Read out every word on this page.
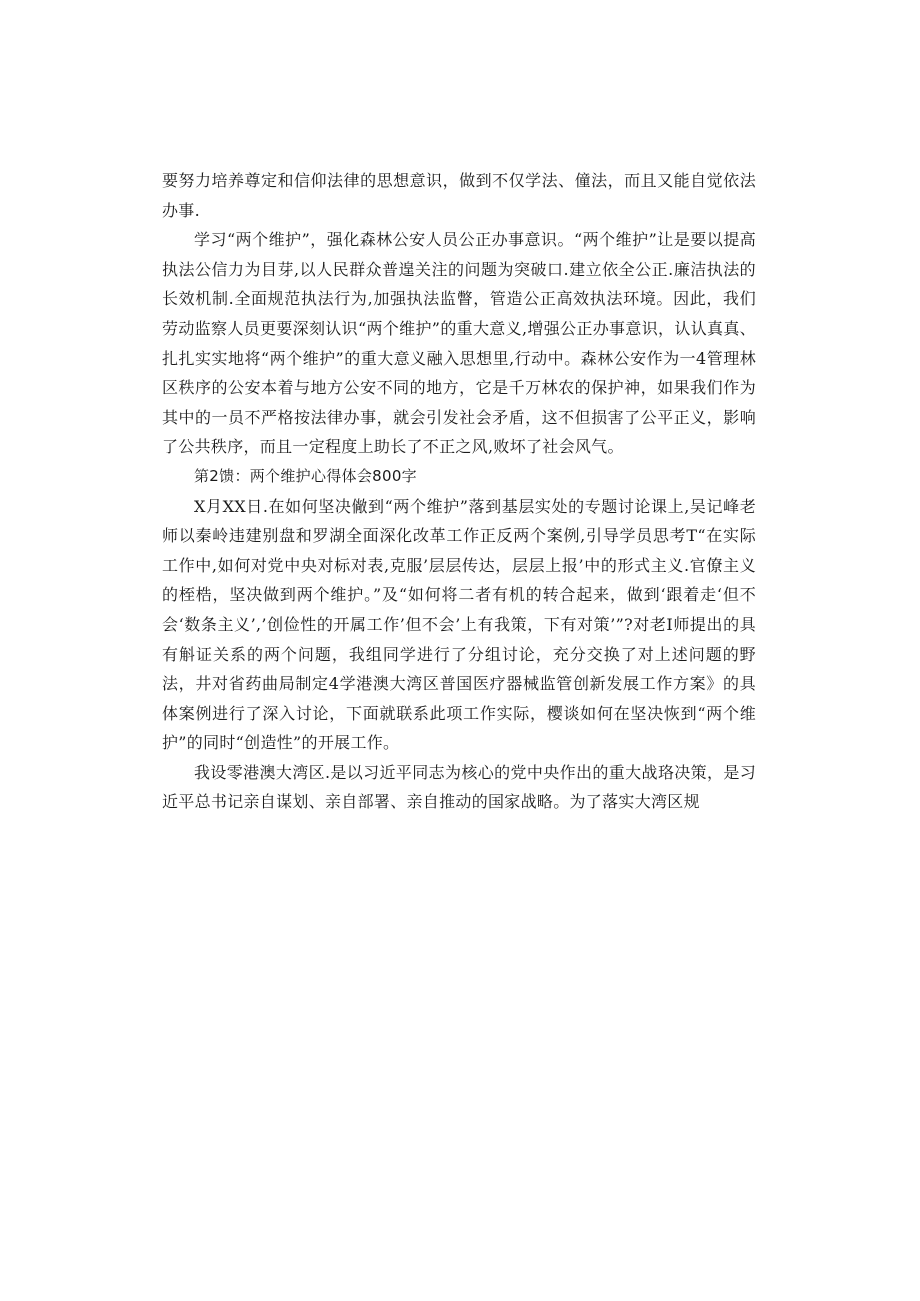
要努力培养尊定和信仰法律的思想意识，做到不仅学法、僮法，而且又能自觉依法办事.

学习“两个维护”，强化森林公安人员公正办事意识。“两个维护”让是要以提高执法公信力为目芽,以人民群众普遑关注的问题为突破口.建立依全公正.廉洁执法的长效机制.全面规范执法行为,加强执法监瞥，管造公正高效执法环境。因此，我们劳动监察人员更要深刻认识“两个维护”的重大意义,增强公正办事意识，认认真真、扎扎实实地将“两个维护”的重大意义融入思想里,行动中。森林公安作为一4管理林区秩序的公安本着与地方公安不同的地方，它是千万林农的保护神，如果我们作为其中的一员不严格按法律办事，就会引发社会矛盾，这不但损害了公平正义，影响了公共秩序，而且一定程度上助长了不正之风,败坏了社会风气。

第2馈：两个维护心得体会800字

X月XX日.在如何坚决僘到“两个维护”落到基层实处的专题讨论课上,吴记峰老师以秦岭违建别盘和罗湖全面深化改革工作正反两个案例,引导学员思考T“在实际工作中,如何对党中央对标对表,克服’层层传达，层层上报’中的形式主义.官僚主义的桎梏，坚决做到两个维护。”及“如何将二者有机的转合起来，做到‘跟着走‘但不会‘数条主义’,’创俭性的开属工作’但不会’上有我策，下有对策’”?对老I师提出的具有斛证关系的两个问题，我组同学进行了分组讨论，充分交换了对上述问题的野法，井对省药曲局制定4学港澳大湾区普国医疗器械监管创新发展工作方案》的具体案例进行了深入讨论，下面就联系此项工作实际，樱谈如何在坚决恢到“两个维护”的同时“创造性”的开展工作。

我设零港澳大湾区.是以习近平同志为核心的党中央作出的重大战珞决策，是习近平总书记亲自谋划、亲自部署、亲自推动的国家战略。为了落实大湾区规
